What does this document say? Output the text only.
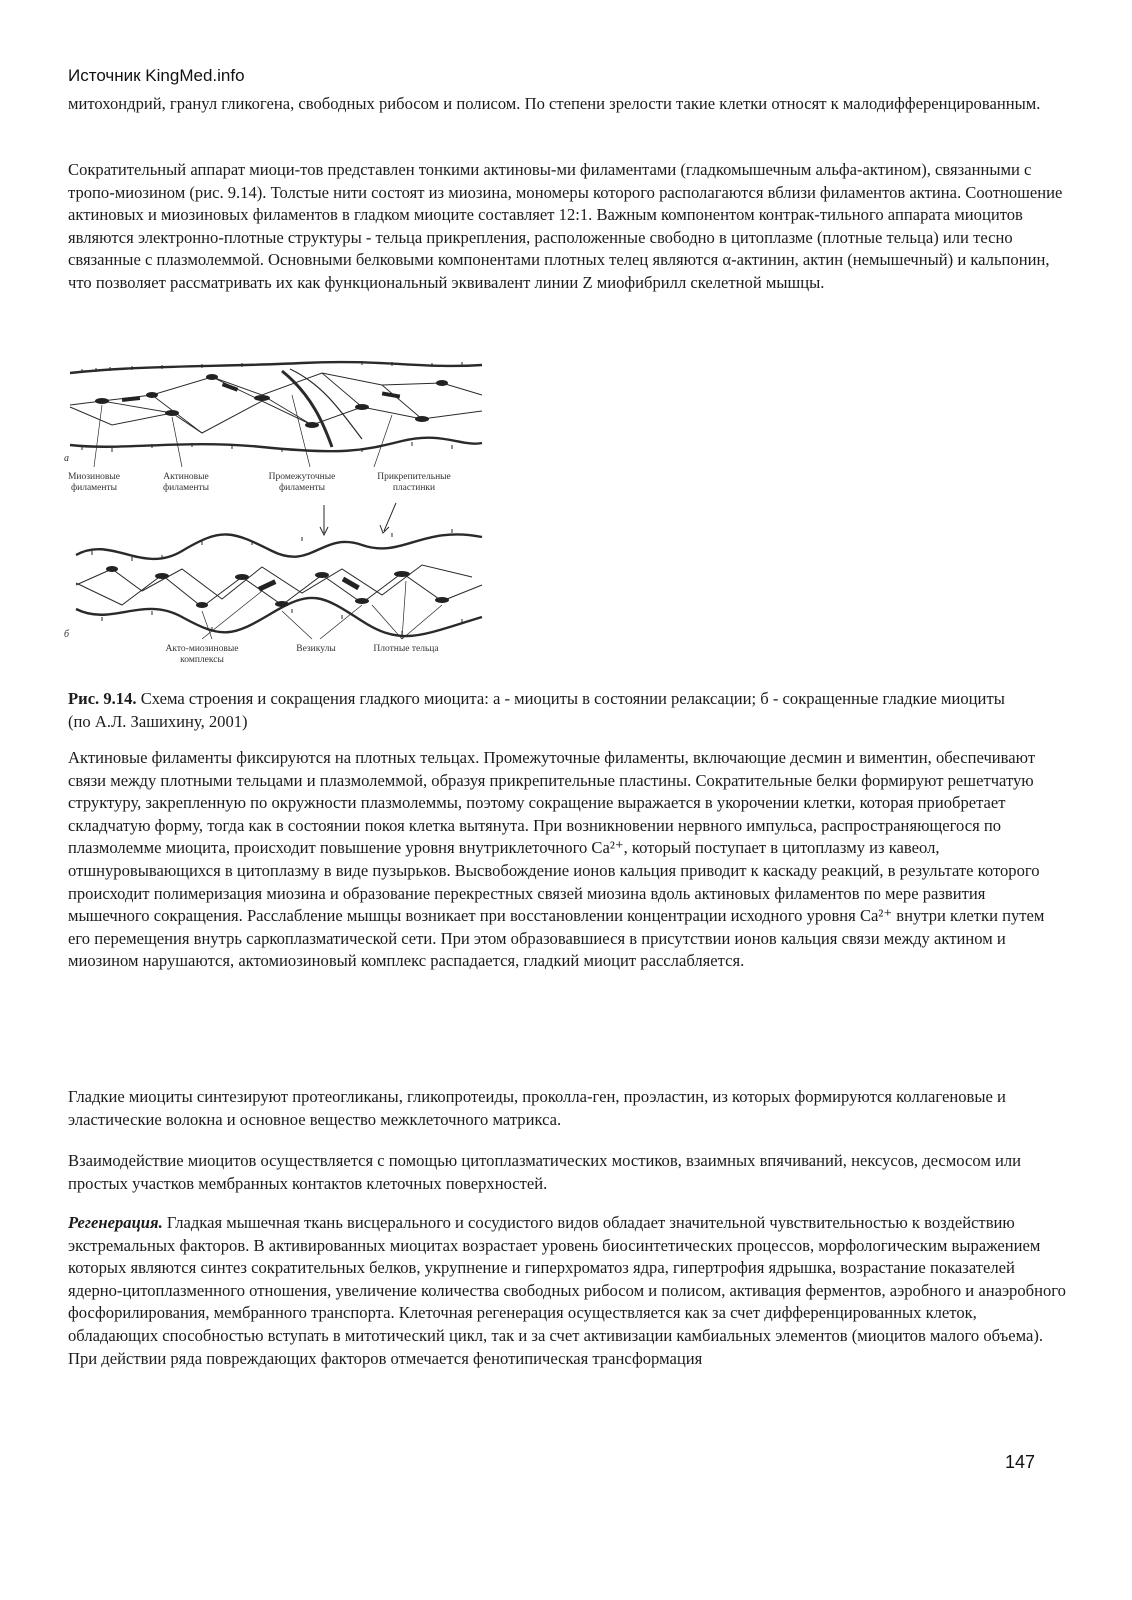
Источник KingMed.info

митохондрий, гранул гликогена, свободных рибосом и полисом. По степени зрелости такие клетки относят к малодифференцированным.

Сократительный аппарат миоци-тов представлен тонкими актиновы-ми филаментами (гладкомышечным альфа-актином), связанными с тропо-миозином (рис. 9.14). Толстые нити состоят из миозина, мономеры которого располагаются вблизи филаментов актина. Соотношение актиновых и миозиновых филаментов в гладком миоците составляет 12:1. Важным компонентом контрак-тильного аппарата миоцитов являются электронно-плотные структуры - тельца прикрепления, расположенные свободно в цитоплазме (плотные тельца) или тесно связанные с плазмолеммой. Основными белковыми компонентами плотных телец являются α-актинин, актин (немышечный) и кальпонин, что позволяет рассматривать их как функциональный эквивалент линии Z миофибрилл скелетной мышцы.

а
б
Миозиновые
филаменты
Актиновые
филаменты
Промежуточные
филаменты
Прикрепительные
пластинки
Акто-миозиновые
комплексы
Везикулы	Плотные тельца

Рис. 9.14. Схема строения и сокращения гладкого миоцита: а - миоциты в состоянии релаксации; б - сокращенные гладкие миоциты (по А.Л. Зашихину, 2001)

Актиновые филаменты фиксируются на плотных тельцах. Промежуточные филаменты, включающие десмин и виментин, обеспечивают связи между плотными тельцами и плазмолеммой, образуя прикрепительные пластины. Сократительные белки формируют решетчатую структуру, закрепленную по окружности плазмолеммы, поэтому сокращение выражается в укорочении клетки, которая приобретает складчатую форму, тогда как в состоянии покоя клетка вытянута. При возникновении нервного импульса, распространяющегося по плазмолемме миоцита, происходит повышение уровня внутриклеточного Ca²⁺, который поступает в цитоплазму из кавеол, отшнуровывающихся в цитоплазму в виде пузырьков. Высвобождение ионов кальция приводит к каскаду реакций, в результате которого происходит полимеризация миозина и образование перекрестных связей миозина вдоль актиновых филаментов по мере развития мышечного сокращения. Расслабление мышцы возникает при восстановлении концентрации исходного уровня Ca²⁺ внутри клетки путем его перемещения внутрь саркоплазматической сети. При этом образовавшиеся в присутствии ионов кальция связи между актином и миозином нарушаются, актомиозиновый комплекс распадается, гладкий миоцит расслабляется.

Гладкие миоциты синтезируют протеогликаны, гликопротеиды, проколла-ген, проэластин, из которых формируются коллагеновые и эластические волокна и основное вещество межклеточного матрикса.

Взаимодействие миоцитов осуществляется с помощью цитоплазматических мостиков, взаимных впячиваний, нексусов, десмосом или простых участков мембранных контактов клеточных поверхностей.

Регенерация. Гладкая мышечная ткань висцерального и сосудистого видов обладает значительной чувствительностью к воздействию экстремальных факторов. В активированных миоцитах возрастает уровень биосинтетических процессов, морфологическим выражением которых являются синтез сократительных белков, укрупнение и гиперхроматоз ядра, гипертрофия ядрышка, возрастание показателей ядерно-цитоплазменного отношения, увеличение количества свободных рибосом и полисом, активация ферментов, аэробного и анаэробного фосфорилирования, мембранного транспорта. Клеточная регенерация осуществляется как за счет дифференцированных клеток, обладающих способностью вступать в митотический цикл, так и за счет активизации камбиальных элементов (миоцитов малого объема). При действии ряда повреждающих факторов отмечается фенотипическая трансформация

147
